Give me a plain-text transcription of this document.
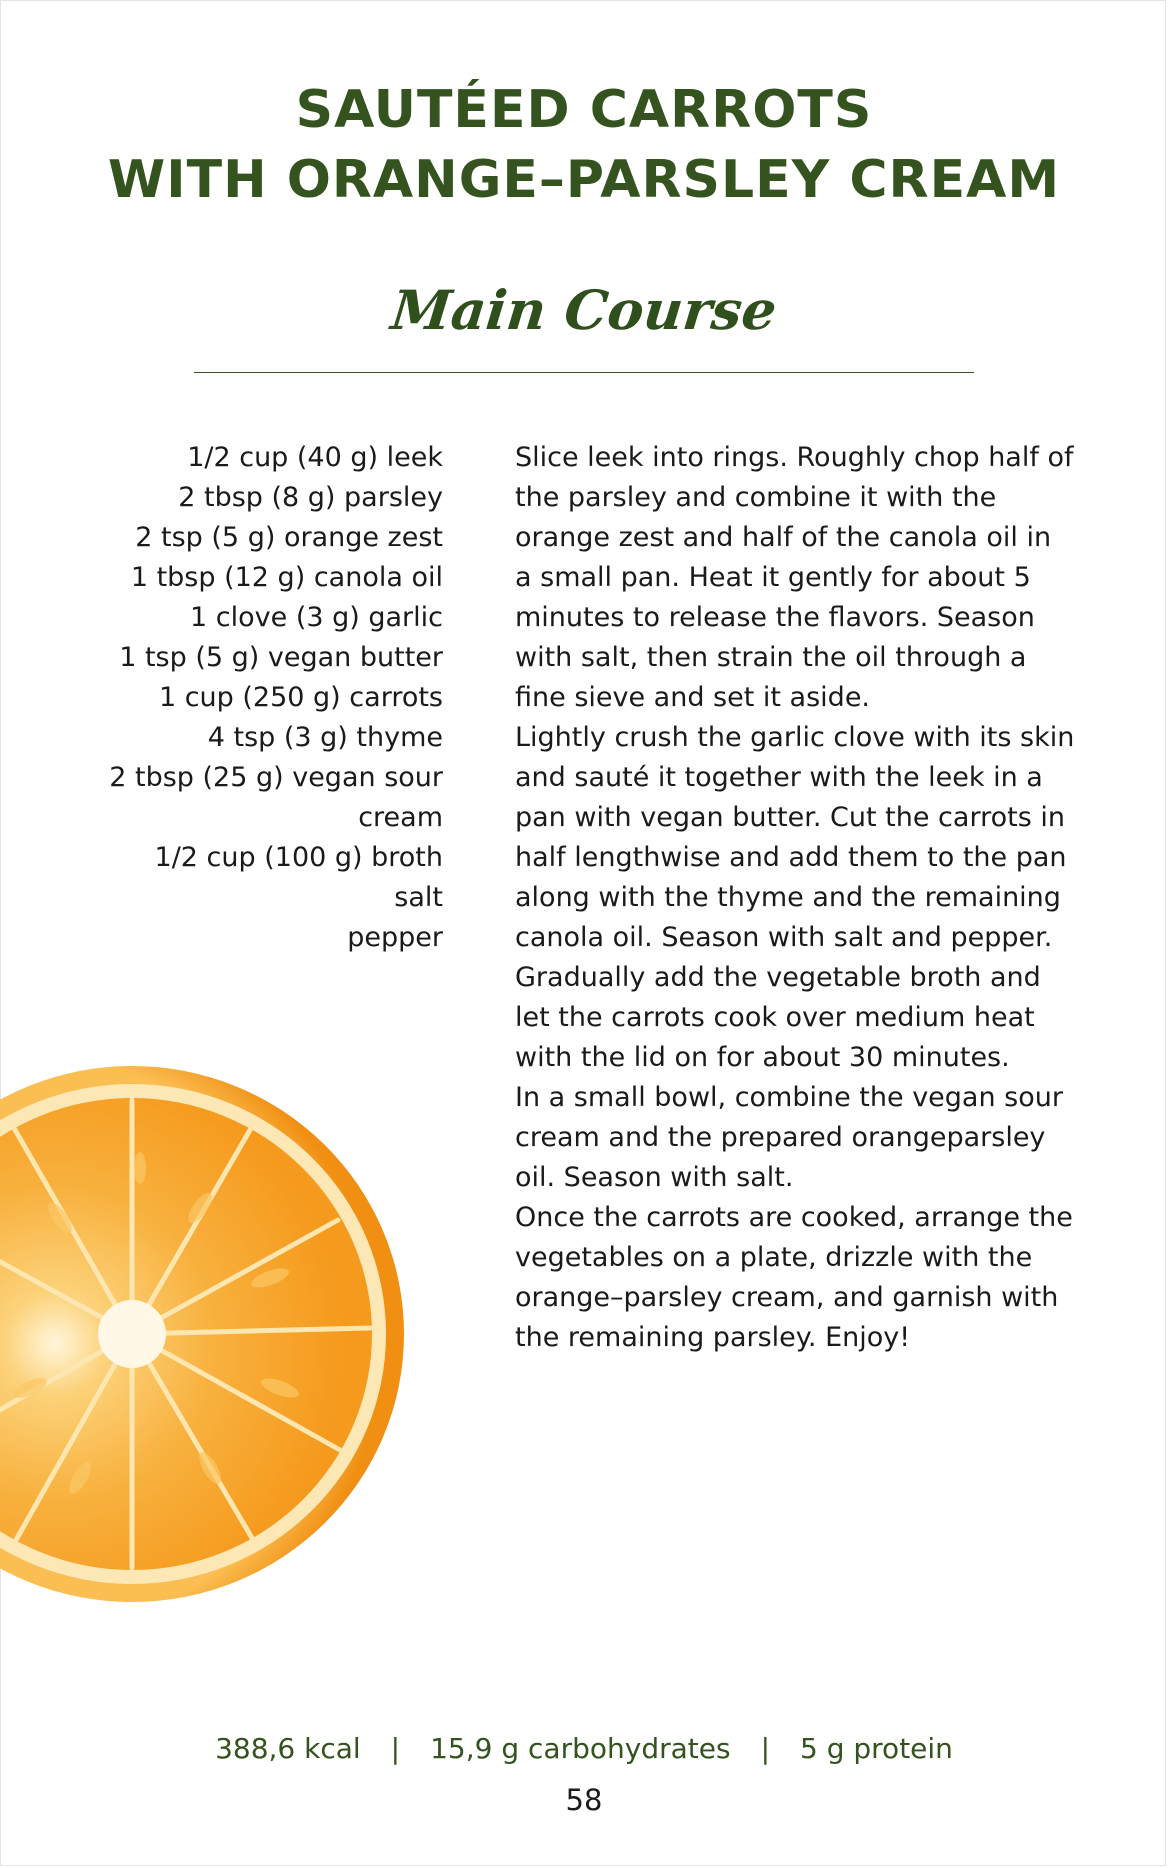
SAUTÉED CARROTS
WITH ORANGE–PARSLEY CREAM
Main Course
1/2 cup (40 g) leek
2 tbsp (8 g) parsley
2 tsp (5 g) orange zest
1 tbsp (12 g) canola oil
1 clove (3 g) garlic
1 tsp (5 g) vegan butter
1 cup (250 g) carrots
4 tsp (3 g) thyme
2 tbsp (25 g) vegan sour cream
1/2 cup (100 g) broth
salt
pepper

Slice leek into rings. Roughly chop half of the parsley and combine it with the orange zest and half of the canola oil in a small pan. Heat it gently for about 5 minutes to release the flavors. Season with salt, then strain the oil through a fine sieve and set it aside.

Lightly crush the garlic clove with its skin and sauté it together with the leek in a pan with vegan butter. Cut the carrots in half lengthwise and add them to the pan along with the thyme and the remaining canola oil. Season with salt and pepper. Gradually add the vegetable broth and let the carrots cook over medium heat with the lid on for about 30 minutes.

In a small bowl, combine the vegan sour cream and the prepared orangeparsley oil. Season with salt.

Once the carrots are cooked, arrange the vegetables on a plate, drizzle with the orange–parsley cream, and garnish with the remaining parsley. Enjoy!

388,6 kcal | 15,9 g carbohydrates | 5 g protein
58
